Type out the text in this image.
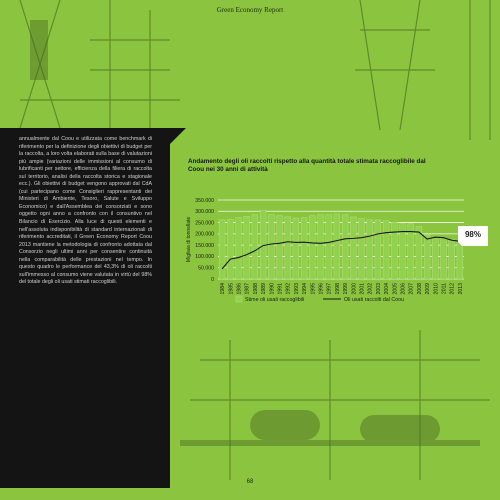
Green Economy Report

annualmente dal Coou e utilizzata come benchmark di riferimento per la definizione degli obiettivi di budget per la raccolta, a loro volta elaborati sulla base di valutazioni più ampie (variazioni delle immissioni al consumo di lubrificanti per settore, efficienza della filiera di raccolta sul territorio, analisi della raccolta storica e stagionale ecc.). Gli obiettivi di budget vengono approvati dal CdA (cui partecipano come Consiglieri rappresentanti dei Ministeri di Ambiente, Tesoro, Salute e Sviluppo Economico) e dall'Assemblea dei consorziati e sono oggetto ogni anno a confronto con il consuntivo nel Bilancio di Esercizio. Alla luce di questi elementi e nell'assoluta indisponibilità di standard internazionali di riferimento accreditati, il Green Economy Report Coou 2013 mantiene la metodologia di confronto adottata dal Consorzio negli ultimi anni per consentire continuità nella comparabilità delle prestazioni nel tempo. In questo quadro le performance del 43,3% di oli raccolti sull'immesso al consumo viene valutata in virtù del 98% del totale degli oli usati stimati raccoglibili.

Andamento degli oli raccolti rispetto alla quantità totale stimata raccoglibile dal Coou nei 30 anni di attività
0
50.000
100.000
150.000
200.000
250.000
300.000
350.000
Migliaia di tonnellate
1984 1985 1986 1987 1988 1989 1990 1991 1992 1993 1994 1995 1996 1997 1998 1999 2000 2001 2002 2003 2004 2005 2006 2007 2008 2009 2010 2011 2012 2013
Stime oli usati raccoglibili	Oli usati raccolti dal Coou
98%
68
